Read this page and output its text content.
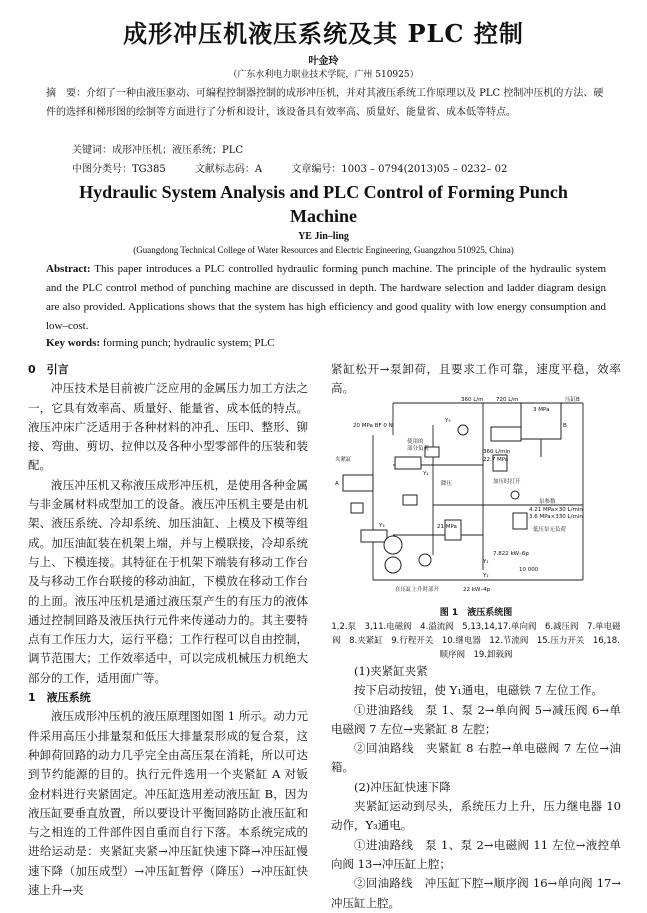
成形冲压机液压系统及其 PLC 控制
叶金玲
（广东水利电力职业技术学院，广州 510925）
摘　要：介绍了一种由液压驱动、可编程控制器控制的成形冲压机，并对其液压系统工作原理以及 PLC 控制冲压机的方法、硬件的选择和梯形图的绘制等方面进行了分析和设计，该设备具有效率高、质量好、能量省、成本低等特点。
关键词：成形冲压机；液压系统；PLC
中图分类号：TG385	文献标志码：A	文章编号：1003 – 0794(2013)05 – 0232– 02
Hydraulic System Analysis and PLC Control of Forming Punch
Machine
YE Jin–ling
(Guangdong Technical College of Water Resources and Electric Engineering, Guangzhou 510925, China)
Abstract: This paper introduces a PLC controlled hydraulic forming punch machine. The principle of the hydraulic system and the PLC control method of punching machine are discussed in depth. The hardware selection and ladder diagram design are also provided. Applications shows that the system has high efficiency and good quality with low energy consumption and low–cost.
Key words: forming punch; hydraulic system; PLC

0　引言

冲压技术是目前被广泛应用的金属压力加工方法之一，它具有效率高、质量好、能量省、成本低的特点。液压冲床广泛适用于各种材料的冲孔、压印、整形、铆接、弯曲、剪切、拉伸以及各种小型零部件的压装和装配。

液压冲压机又称液压成形冲压机，是使用各种金属与非金属材料成型加工的设备。液压冲压机主要是由机架、液压系统、冷却系统、加压油缸、上模及下模等组成。加压油缸装在机架上端，并与上模联接，冷却系统与上、下模连接。其特征在于机架下端装有移动工作台及与移动工作台联接的移动油缸，下模放在移动工作台的上面。液压冲压机是通过液压泵产生的有压力的液体通过控制回路及液压执行元件来传递动力的。其主要特点有工作压力大，运行平稳；工作行程可以自由控制，调节范围大；工作效率适中，可以完成机械压力机绝大部分的工作，适用面广等。

1　液压系统

液压成形冲压机的液压原理图如图 1 所示。动力元件采用高压小排量泵和低压大排量泵形成的复合泵，这种卸荷回路的动力几乎完全由高压泵在消耗，所以可达到节约能源的目的。执行元件选用一个夹紧缸 A 对钣金材料进行夹紧固定。冲压缸选用差动液压缸 B，因为液压缸要垂直放置，所以要设计平衡回路防止液压缸和与之相连的工件部件因自重而自行下落。本系统完成的进给运动是：夹紧缸夹紧→冲压缸快速下降→冲压缸慢速下降（加压成型）→冲压缸暂停（降压）→冲压缸快速上升→夹

紧缸松开→泵卸荷，且要求工作可靠，速度平稳，效率高。

360 L/m 720 L/m	压缸B
3 MPa
20 MPa BF 0 N
使用的
部分负荷
夹紧缸
360 L/min
22.7 MPa
加压时打开
降压
泵参数
4.21 MPa×30 L/min
3.6 MPa×330 L/min
21 MPa	低压泵无负荷
7.822 kW–6p
10 000
在压缸上升时部开	22 kW–4p
Y₅
Y₁
Y₂
Y₃
Y₄
A
B
图 1　液压系统图
1,2.泵　3,11.电磁阀　4.溢流阀　5,13,14,17.单向阀　6.减压阀　7.单电磁阀　8.夹紧缸　9.行程开关　10.继电器　12.节流阀　15.压力开关　16,18.顺序阀　19.卸载阀

(1)夹紧缸夹紧

按下启动按钮，使 Y₁通电，电磁铁 7 左位工作。

①进油路线　泵 1、泵 2→单向阀 5→减压阀 6→单电磁阀 7 左位→夹紧缸 8 左腔；

②回油路线　夹紧缸 8 右腔→单电磁阀 7 左位→油箱。

(2)冲压缸快速下降

夹紧缸运动到尽头，系统压力上升，压力继电器 10 动作，Y₃通电。

①进油路线　泵 1、泵 2→电磁阀 11 左位→液控单向阀 13→冲压缸上腔；

②回油路线　冲压缸下腔→顺序阀 16→单向阀 17→冲压缸上腔。
